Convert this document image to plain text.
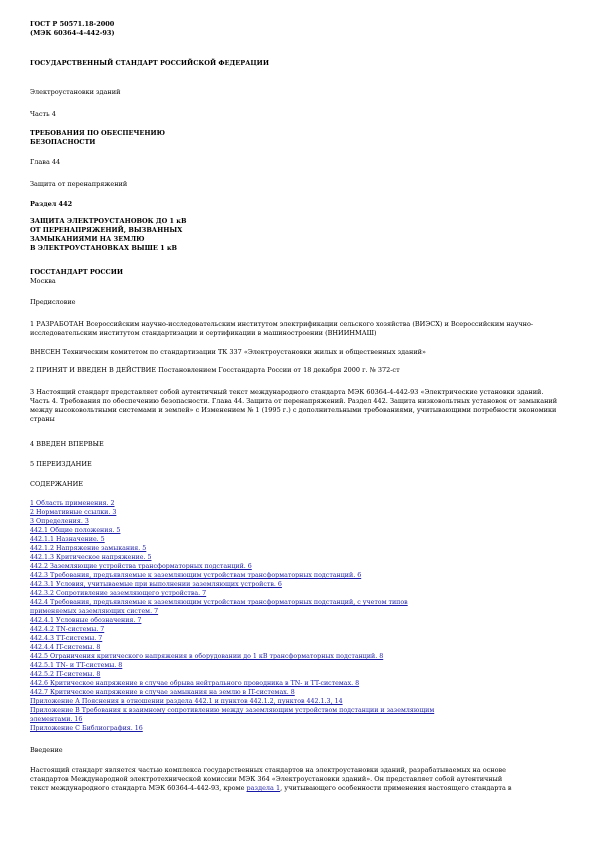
ГОСТ Р 50571.18-2000

(МЭК 60364-4-442-93)

ГОСУДАРСТВЕННЫЙ СТАНДАРТ РОССИЙСКОЙ ФЕДЕРАЦИИ

Электроустановки зданий

Часть 4

ТРЕБОВАНИЯ ПО ОБЕСПЕЧЕНИЮ

БЕЗОПАСНОСТИ

Глава 44

Защита от перенапряжений

Раздел 442

ЗАЩИТА ЭЛЕКТРОУСТАНОВОК ДО 1 кВ

ОТ ПЕРЕНАПРЯЖЕНИЙ, ВЫЗВАННЫХ

ЗАМЫКАНИЯМИ НА ЗЕМЛЮ

В ЭЛЕКТРОУСТАНОВКАХ ВЫШЕ 1 кВ

ГОССТАНДАРТ РОССИИ

Москва

Предисловие

1 РАЗРАБОТАН Всероссийским научно-исследовательским институтом электрификации сельского хозяйства (ВИЭСХ) и Всероссийским научно-исследовательским институтом стандартизации и сертификации в машиностроении (ВНИИНМАШ)

ВНЕСЕН Техническим комитетом по стандартизации ТК 337 «Электроустановки жилых и общественных зданий»

2 ПРИНЯТ И ВВЕДЕН В ДЕЙСТВИЕ Постановлением Госстандарта России от 18 декабря 2000 г. № 372-ст

3 Настоящий стандарт представляет собой аутентичный текст международного стандарта МЭК 60364-4-442-93 «Электрические установки зданий. Часть 4. Требования по обеспечению безопасности. Глава 44. Защита от перенапряжений. Раздел 442. Защита низковольтных установок от замыканий между высоковольтными системами и землей» с Изменением № 1 (1995 г.) с дополнительными требованиями, учитывающими потребности экономики страны

4 ВВЕДЕН ВПЕРВЫЕ

5 ПЕРЕИЗДАНИЕ

СОДЕРЖАНИЕ

1 Область применения. 2
2 Нормативные ссылки. 3
3 Определения. 3
442.1 Общие положения. 5
442.1.1 Назначение. 5
442.1.2 Напряжение замыкания. 5
442.1.3 Критическое напряжение. 5
442.2 Заземляющие устройства трансформаторных подстанций. 6
442.3 Требования, предъявляемые к заземляющим устройствам трансформаторных подстанций. 6
442.3.1 Условия, учитываемые при выполнении заземляющих устройств. 6
442.3.2 Сопротивление заземляющего устройства. 7
442.4 Требования, предъявляемые к заземляющим устройствам трансформаторных подстанций, с учетом типов
применяемых заземляющих систем. 7
442.4.1 Условные обозначения. 7
442.4.2 TN-системы. 7
442.4.3 TT-системы. 7
442.4.4 IT-системы. 8
442.5 Ограничения критического напряжения в оборудовании до 1 кВ трансформаторных подстанций. 8
442.5.1 TN- и TT-системы. 8
442.5.2 IT-системы. 8
442.6 Критическое напряжение в случае обрыва нейтрального проводника в TN- и TT-системах. 8
442.7 Критическое напряжение в случае замыкания на землю в IT-системах. 8
Приложение А Пояснения в отношении раздела 442.1 и пунктов 442.1.2, пунктов 442.1.3, 14
Приложение В Требования к взаимному сопротивлению между заземляющим устройством подстанции и заземляющим
элементами. 16
Приложение С Библиография. 16

Введение

Настоящий стандарт является частью комплекса государственных стандартов на электроустановки зданий, разрабатываемых на основе

стандартов Международной электротехнической комиссии МЭК 364 «Электроустановки зданий». Он представляет собой аутентичный

текст международного стандарта МЭК 60364-4-442-93, кроме раздела 1, учитывающего особенности применения настоящего стандарта в
